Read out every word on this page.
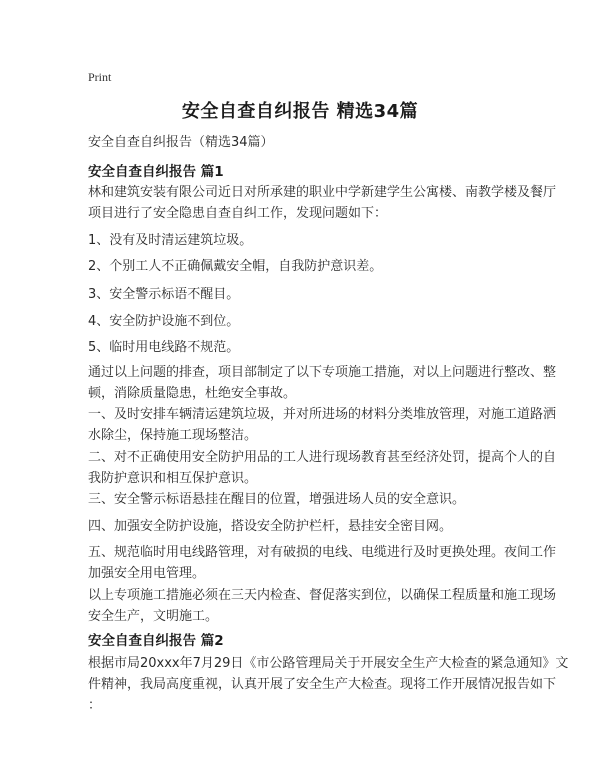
Print
安全自查自纠报告 精选34篇
安全自查自纠报告（精选34篇）
安全自查自纠报告 篇1
林和建筑安装有限公司近日对所承建的职业中学新建学生公寓楼、南教学楼及餐厅
项目进行了安全隐患自查自纠工作，发现问题如下：
1、没有及时清运建筑垃圾。
2、个别工人不正确佩戴安全帽，自我防护意识差。
3、安全警示标语不醒目。
4、安全防护设施不到位。
5、临时用电线路不规范。
通过以上问题的排查，项目部制定了以下专项施工措施，对以上问题进行整改、整
顿，消除质量隐患，杜绝安全事故。
一、及时安排车辆清运建筑垃圾，并对所进场的材料分类堆放管理，对施工道路洒
水除尘，保持施工现场整洁。
二、对不正确使用安全防护用品的工人进行现场教育甚至经济处罚，提高个人的自
我防护意识和相互保护意识。
三、安全警示标语悬挂在醒目的位置，增强进场人员的安全意识。
四、加强安全防护设施，搭设安全防护栏杆，悬挂安全密目网。
五、规范临时用电线路管理，对有破损的电线、电缆进行及时更换处理。夜间工作
加强安全用电管理。
以上专项施工措施必须在三天内检查、督促落实到位，以确保工程质量和施工现场
安全生产，文明施工。
安全自查自纠报告 篇2
根据市局20xxx年7月29日《市公路管理局关于开展安全生产大检查的紧急通知》文
件精神，我局高度重视，认真开展了安全生产大检查。现将工作开展情况报告如下
：
